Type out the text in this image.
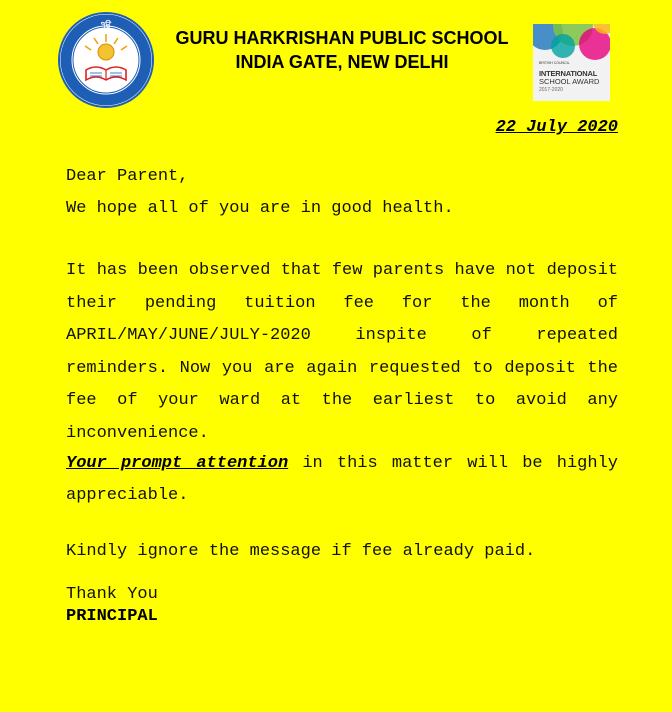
੧ੳ
GURU HARKRISHAN PUBLIC SCHOOL
INDIA GATE, NEW DELHI	BRITISH COUNCIL
INTERNATIONAL
SCHOOL AWARD
2017-2020
22 July 2020
Dear Parent,
We hope all of you are in good health.
It has been observed that few parents have not deposit their pending tuition fee for the month of APRIL/MAY/JUNE/JULY-2020 inspite of repeated reminders. Now you are again requested to deposit the fee of your ward at the earliest to avoid any inconvenience.
Your prompt attention in this matter will be highly appreciable.
Kindly ignore the message if fee already paid.
Thank You
PRINCIPAL
